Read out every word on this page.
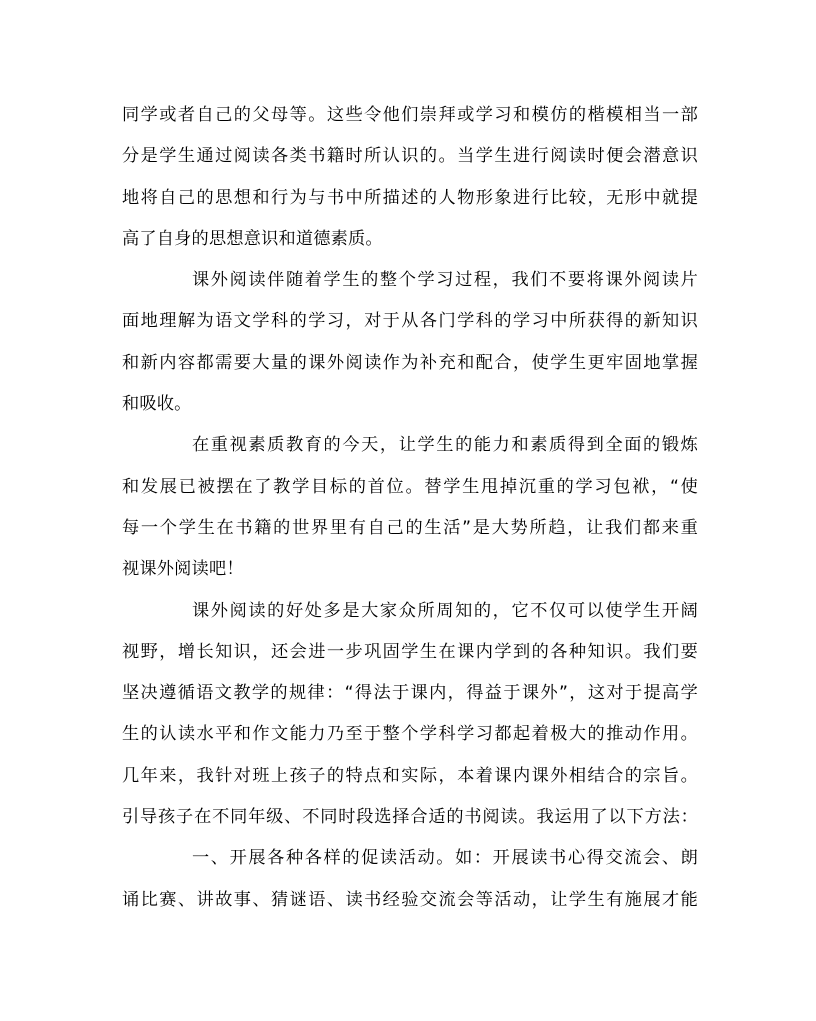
同学或者自己的父母等。这些令他们崇拜或学习和模仿的楷模相当一部
分是学生通过阅读各类书籍时所认识的。当学生进行阅读时便会潜意识
地将自己的思想和行为与书中所描述的人物形象进行比较，无形中就提
高了自身的思想意识和道德素质。

课外阅读伴随着学生的整个学习过程，我们不要将课外阅读片
面地理解为语文学科的学习，对于从各门学科的学习中所获得的新知识
和新内容都需要大量的课外阅读作为补充和配合，使学生更牢固地掌握
和吸收。

在重视素质教育的今天，让学生的能力和素质得到全面的锻炼
和发展已被摆在了教学目标的首位。替学生甩掉沉重的学习包袱，“使
每一个学生在书籍的世界里有自己的生活”是大势所趋，让我们都来重
视课外阅读吧！

课外阅读的好处多是大家众所周知的，它不仅可以使学生开阔
视野，增长知识，还会进一步巩固学生在课内学到的各种知识。我们要
坚决遵循语文教学的规律：“得法于课内，得益于课外”，这对于提高学
生的认读水平和作文能力乃至于整个学科学习都起着极大的推动作用。
几年来，我针对班上孩子的特点和实际，本着课内课外相结合的宗旨。
引导孩子在不同年级、不同时段选择合适的书阅读。我运用了以下方法：

一、开展各种各样的促读活动。如：开展读书心得交流会、朗
诵比赛、讲故事、猜谜语、读书经验交流会等活动，让学生有施展才能
